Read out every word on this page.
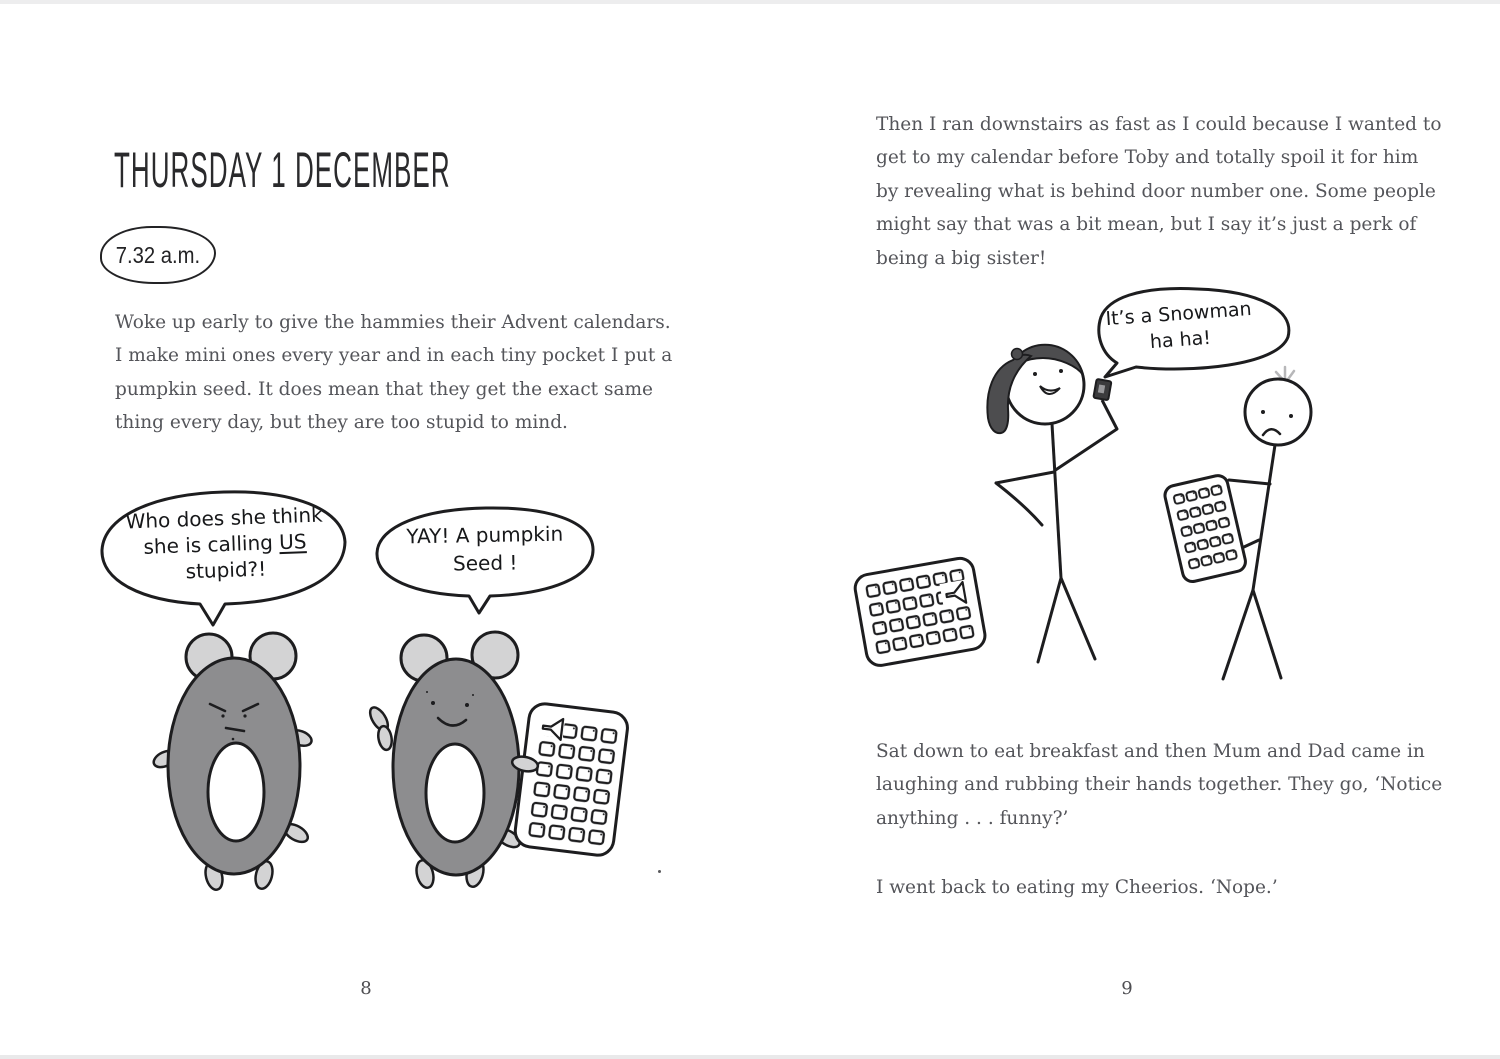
THURSDAY 1 DECEMBER
7.32 a.m.
Woke up early to give the hammies their Advent calendars.
I make mini ones every year and in each tiny pocket I put a
pumpkin seed. It does mean that they get the exact same
thing every day, but they are too stupid to mind.
Who does she think
she is calling US
stupid?!
YAY! A pumpkin
Seed !
8
Then I ran downstairs as fast as I could because I wanted to
get to my calendar before Toby and totally spoil it for him
by revealing what is behind door number one. Some people
might say that was a bit mean, but I say it’s just a perk of
being a big sister!
It’s a Snowman
ha ha!
Sat down to eat breakfast and then Mum and Dad came in
laughing and rubbing their hands together. They go, ‘Notice
anything . . . funny?’
I went back to eating my Cheerios. ‘Nope.’
9
